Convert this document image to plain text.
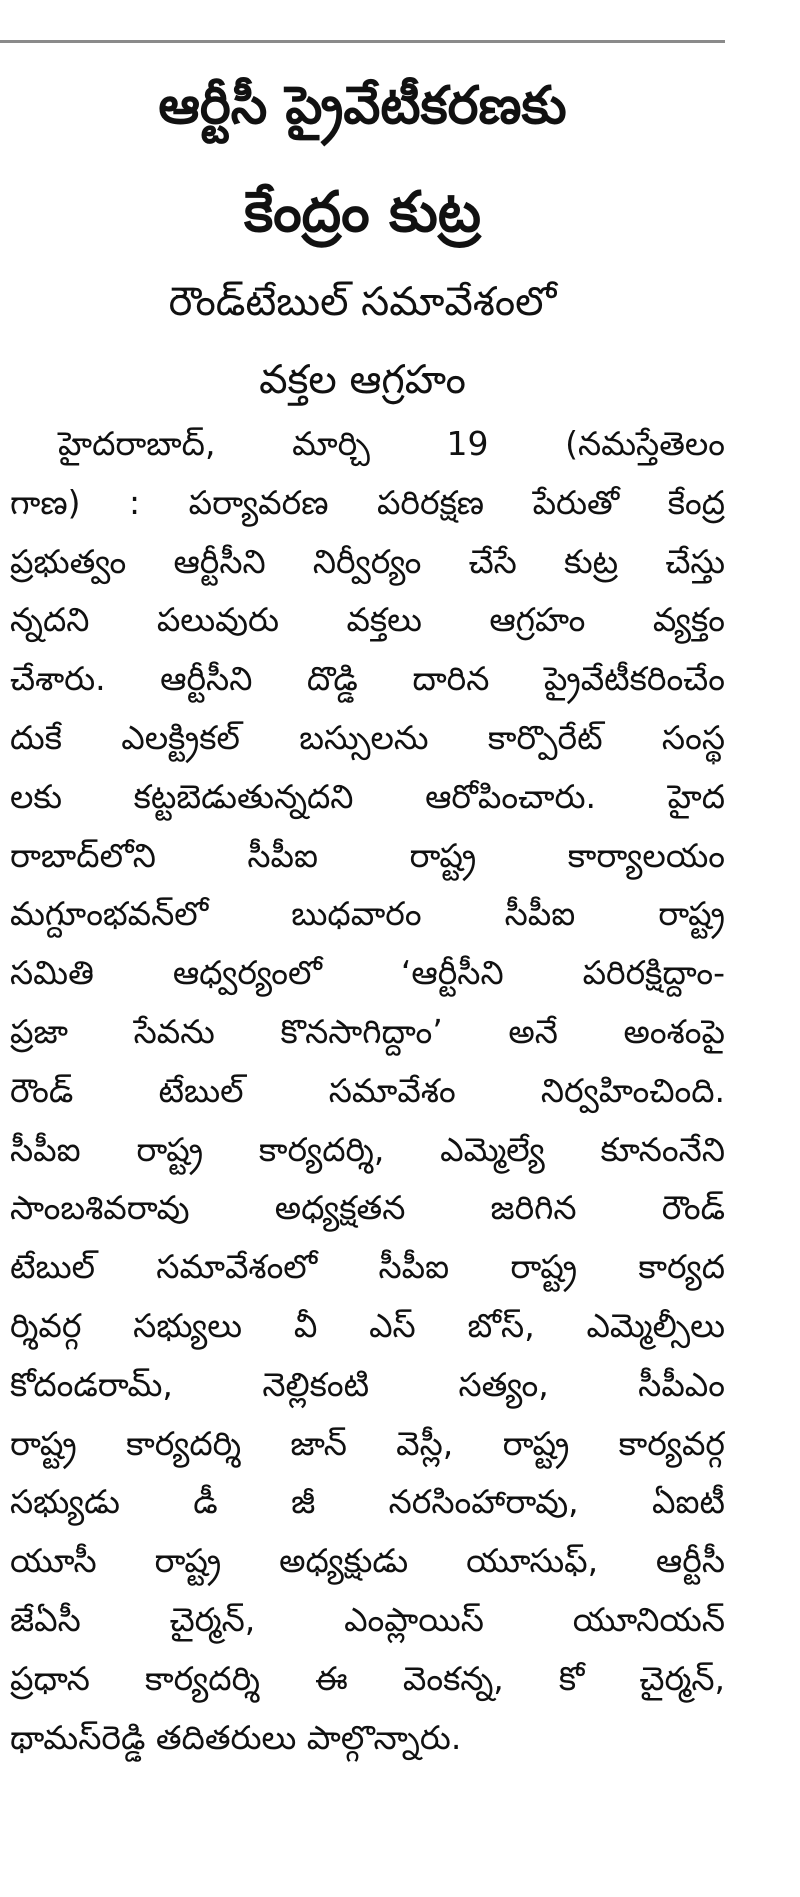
ఆర్టీసీ ప్రైవేటీకరణకు
కేంద్రం కుట్ర
రౌండ్‌టేబుల్ సమావేశంలో
వక్తల ఆగ్రహం
హైదరాబాద్, మార్చి 19 (నమస్తేతెలం
గాణ) : పర్యావరణ పరిరక్షణ పేరుతో కేంద్ర
ప్రభుత్వం ఆర్టీసీని నిర్వీర్యం చేసే కుట్ర చేస్తు
న్నదని పలువురు వక్తలు ఆగ్రహం వ్యక్తం
చేశారు. ఆర్టీసీని దొడ్డి దారిన ప్రైవేటీకరించేం
దుకే ఎలక్ట్రికల్ బస్సులను కార్పొరేట్ సంస్థ
లకు కట్టబెడుతున్నదని ఆరోపించారు. హైద
రాబాద్‌లోని సీపీఐ రాష్ట్ర కార్యాలయం
మగ్దూంభవన్‌లో బుధవారం సీపీఐ రాష్ట్ర
సమితి ఆధ్వర్యంలో ‘ఆర్టీసీని పరిరక్షిద్దాం-
ప్రజా సేవను కొనసాగిద్దాం’ అనే అంశంపై
రౌండ్ టేబుల్ సమావేశం నిర్వహించింది.
సీపీఐ రాష్ట్ర కార్యదర్శి, ఎమ్మెల్యే కూనంనేని
సాంబశివరావు అధ్యక్షతన జరిగిన రౌండ్
టేబుల్ సమావేశంలో సీపీఐ రాష్ట్ర కార్యద
ర్శివర్గ సభ్యులు వీ ఎస్ బోస్, ఎమ్మెల్సీలు
కోదండరామ్, నెల్లికంటి సత్యం, సీపీఎం
రాష్ట్ర కార్యదర్శి జాన్ వెస్లీ, రాష్ట్ర కార్యవర్గ
సభ్యుడు డీ జీ నరసింహారావు, ఏఐటీ
యూసీ రాష్ట్ర అధ్యక్షుడు యూసుఫ్, ఆర్టీసీ
జేఏసీ చైర్మన్, ఎంప్లాయిస్ యూనియన్
ప్రధాన కార్యదర్శి ఈ వెంకన్న, కో చైర్మన్,
థామస్‌రెడ్డి తదితరులు పాల్గొన్నారు.
